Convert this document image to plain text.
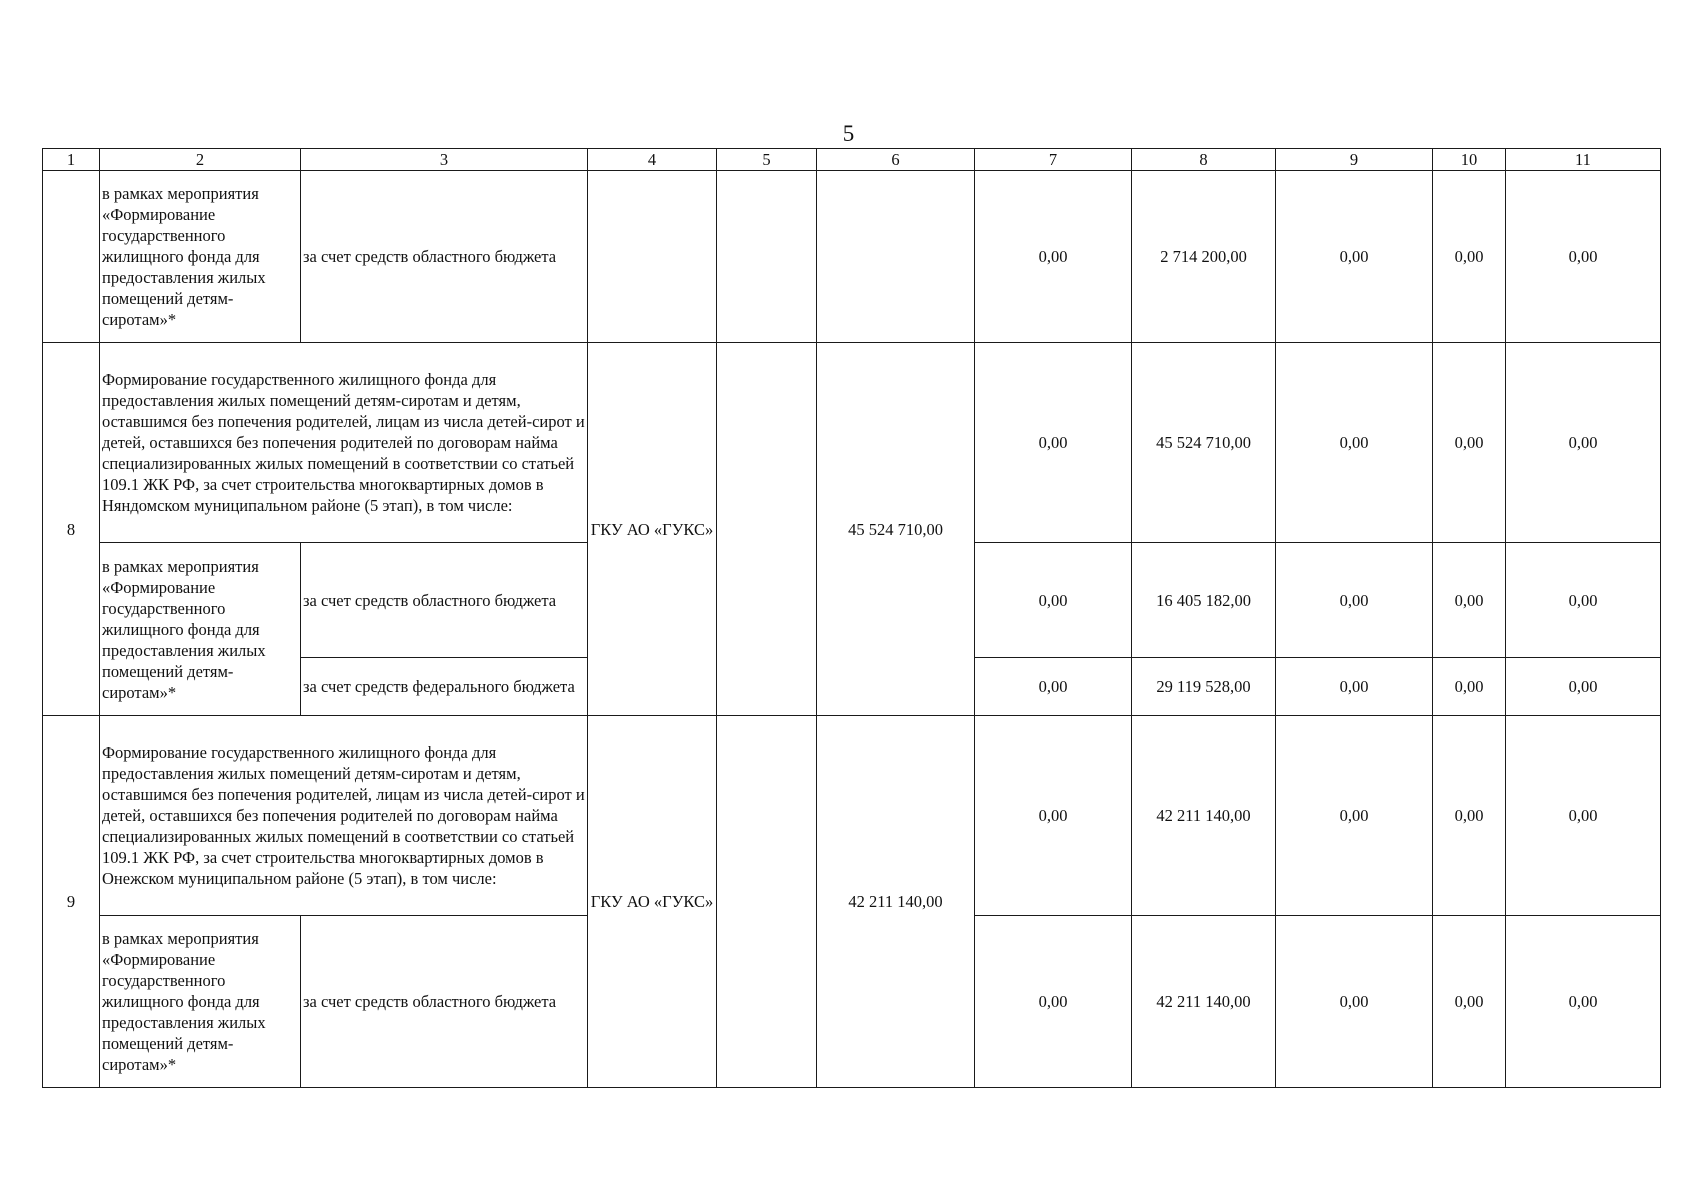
5
1	2	3	4	5	6	7	8	9	10	11
	в рамках мероприятия «Формирование государственного жилищного фонда для предоставления жилых помещений детям-сиротам»*	за счет средств областного бюджета				0,00	2 714 200,00	0,00	0,00	0,00
8	Формирование государственного жилищного фонда для предоставления жилых помещений детям-сиротам и детям, оставшимся без попечения родителей, лицам из числа детей-сирот и детей, оставшихся без попечения родителей по договорам найма специализированных жилых помещений в соответствии со статьей 109.1 ЖК РФ, за счет строительства многоквартирных домов в Няндомском муниципальном районе (5 этап), в том числе:		ГКУ АО «ГУКС»		45 524 710,00	0,00	45 524 710,00	0,00	0,00	0,00
	в рамках мероприятия «Формирование государственного жилищного фонда для предоставления жилых помещений детям-сиротам»*	за счет средств областного бюджета				0,00	16 405 182,00	0,00	0,00	0,00
		за счет средств федерального бюджета				0,00	29 119 528,00	0,00	0,00	0,00
9	Формирование государственного жилищного фонда для предоставления жилых помещений детям-сиротам и детям, оставшимся без попечения родителей, лицам из числа детей-сирот и детей, оставшихся без попечения родителей по договорам найма специализированных жилых помещений в соответствии со статьей 109.1 ЖК РФ, за счет строительства многоквартирных домов в Онежском муниципальном районе (5 этап), в том числе:		ГКУ АО «ГУКС»		42 211 140,00	0,00	42 211 140,00	0,00	0,00	0,00
	в рамках мероприятия «Формирование государственного жилищного фонда для предоставления жилых помещений детям-сиротам»*	за счет средств областного бюджета				0,00	42 211 140,00	0,00	0,00	0,00
